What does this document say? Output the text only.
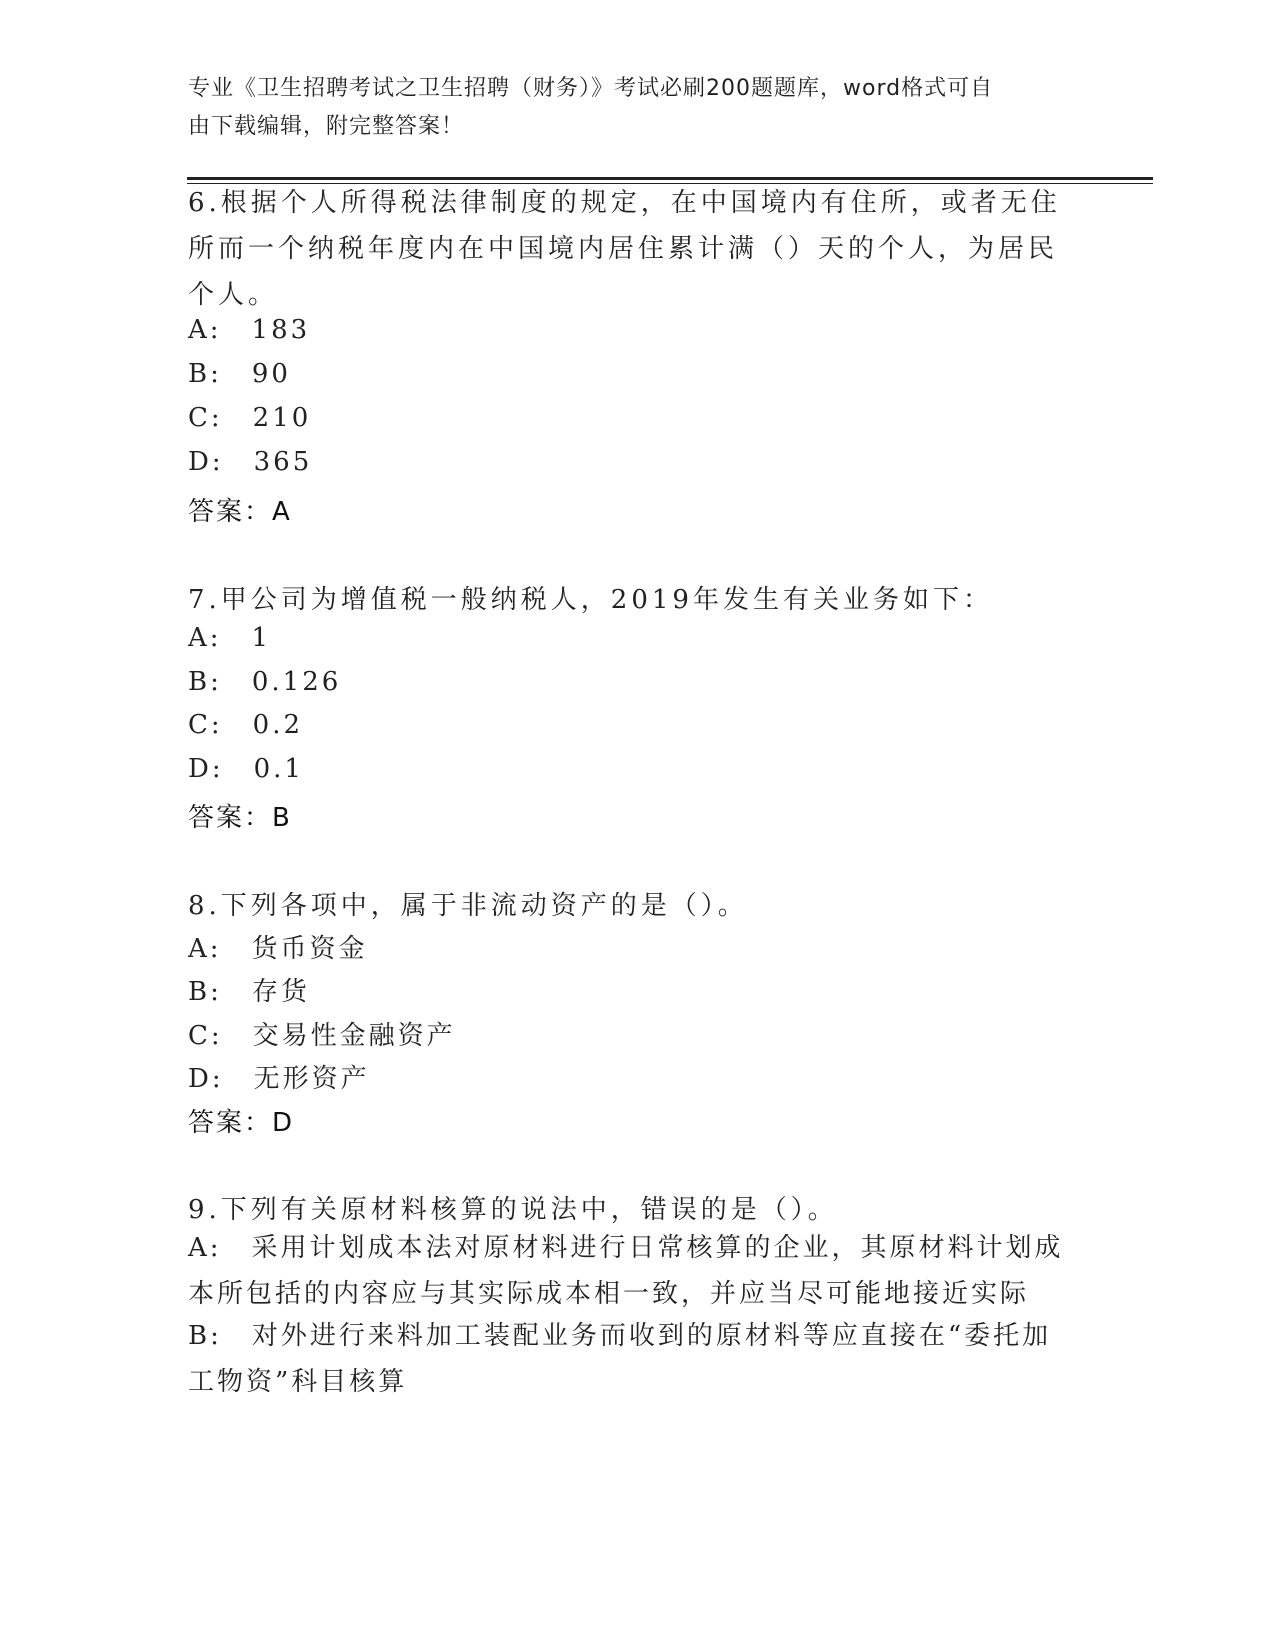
专业《卫生招聘考试之卫生招聘（财务）》考试必刷200题题库，word格式可自
由下载编辑，附完整答案！
6.根据个人所得税法律制度的规定，在中国境内有住所，或者无住所而一个纳税年度内在中国境内居住累计满（）天的个人，为居民个人。
A: 183
B: 90
C: 210
D: 365
答案：A
7.甲公司为增值税一般纳税人，2019年发生有关业务如下：
A: 1
B: 0.126
C: 0.2
D: 0.1
答案：B
8.下列各项中，属于非流动资产的是（）。
A: 货币资金
B: 存货
C: 交易性金融资产
D: 无形资产
答案：D
9.下列有关原材料核算的说法中，错误的是（）。
A: 采用计划成本法对原材料进行日常核算的企业，其原材料计划成本所包括的内容应与其实际成本相一致，并应当尽可能地接近实际
B: 对外进行来料加工装配业务而收到的原材料等应直接在“委托加工物资”科目核算
